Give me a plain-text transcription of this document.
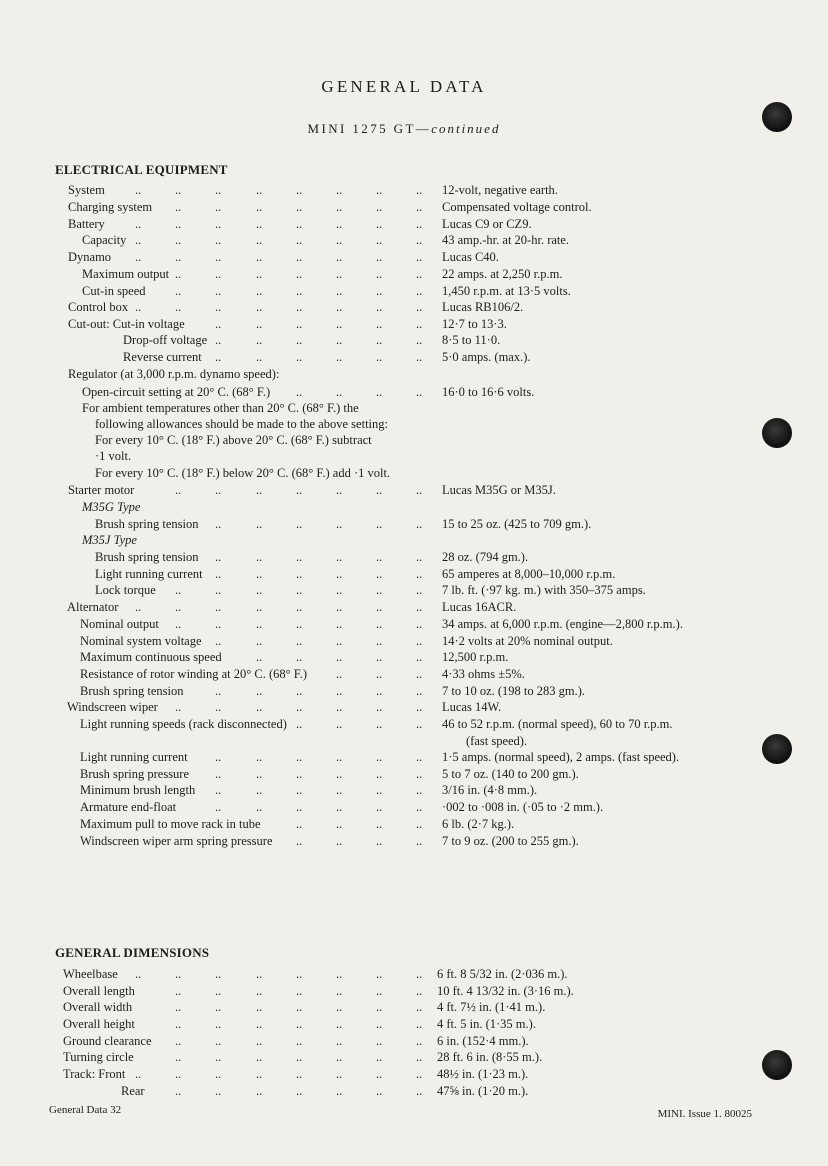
GENERAL DATA
MINI 1275 GT—continued
ELECTRICAL EQUIPMENT
System ..	..	..	..	..	..	..	.. 12-volt, negative earth.
Charging system ..	..	..	..	..	..	.. Compensated voltage control.
Battery ..	..	..	..	..	..	..	.. Lucas C9 or CZ9.
Capacity ..	..	..	..	..	..	..	.. 43 amp.-hr. at 20-hr. rate.
Dynamo ..	..	..	..	..	..	..	.. Lucas C40.
Maximum output ..	..	..	..	..	..	.. 22 amps. at 2,250 r.p.m.
Cut-in speed ..	..	..	..	..	..	.. 1,450 r.p.m. at 13·5 volts.
Control box ..	..	..	..	..	..	..	.. Lucas RB106/2.
Cut-out: Cut-in voltage ..	..	..	..	..	.. 12·7 to 13·3.
Drop-off voltage ..	..	..	..	..	.. 8·5 to 11·0.
Reverse current ..	..	..	..	..	.. 5·0 amps. (max.).
Regulator (at 3,000 r.p.m. dynamo speed):
Open-circuit setting at 20° C. (68° F.) ..	..	..	.. 16·0 to 16·6 volts.
For ambient temperatures other than 20° C. (68° F.) the
following allowances should be made to the above setting:
For every 10° C. (18° F.) above 20° C. (68° F.) subtract
·1 volt.
For every 10° C. (18° F.) below 20° C. (68° F.) add ·1 volt.
Starter motor	..	..	..	..	..	..	.. Lucas M35G or M35J.
M35G Type
Brush spring tension ..	..	..	..	..	.. 15 to 25 oz. (425 to 709 gm.).
M35J Type
Brush spring tension ..	..	..	..	..	.. 28 oz. (794 gm.).
Light running current ..	..	..	..	..	.. 65 amperes at 8,000–10,000 r.p.m.
Lock torque ..	..	..	..	..	..	.. 7 lb. ft. (·97 kg. m.) with 350–375 amps.
Alternator ..	..	..	..	..	..	..	.. Lucas 16ACR.
Nominal output ..	..	..	..	..	..	.. 34 amps. at 6,000 r.p.m. (engine—2,800 r.p.m.).
Nominal system voltage ..	..	..	..	..	.. 14·2 volts at 20% nominal output.
Maximum continuous speed	..	..	..	..	.. 12,500 r.p.m.
Resistance of rotor winding at 20° C. (68° F.) ..	..	.. 4·33 ohms ±5%.
Brush spring tension	..	..	..	..	..	.. 7 to 10 oz. (198 to 283 gm.).
Windscreen wiper ..	..	..	..	..	..	.. Lucas 14W.
Light running speeds (rack disconnected) ..	..	..	.. 46 to 52 r.p.m. (normal speed), 60 to 70 r.p.m.
(fast speed).
Light running current ..	..	..	..	..	.. 1·5 amps. (normal speed), 2 amps. (fast speed).
Brush spring pressure ..	..	..	..	..	.. 5 to 7 oz. (140 to 200 gm.).
Minimum brush length ..	..	..	..	..	.. 3/16 in. (4·8 mm.).
Armature end-float	..	..	..	..	..	.. ·002 to ·008 in. (·05 to ·2 mm.).
Maximum pull to move rack in tube	..	..	..	.. 6 lb. (2·7 kg.).
Windscreen wiper arm spring pressure ..	..	..	.. 7 to 9 oz. (200 to 255 gm.).
GENERAL DIMENSIONS
Wheelbase ..	..	..	..	..	..	..	.. 6 ft. 8 5/32 in. (2·036 m.).
Overall length	..	..	..	..	..	..	.. 10 ft. 4 13/32 in. (3·16 m.).
Overall width	..	..	..	..	..	..	.. 4 ft. 7½ in. (1·41 m.).
Overall height	..	..	..	..	..	..	.. 4 ft. 5 in. (1·35 m.).
Ground clearance ..	..	..	..	..	..	.. 6 in. (152·4 mm.).
Turning circle	..	..	..	..	..	..	.. 28 ft. 6 in. (8·55 m.).
Track: Front ..	..	..	..	..	..	..	.. 48½ in. (1·23 m.).
Rear ..	..	..	..	..	..	.. 47⅝ in. (1·20 m.).
General Data 32	MINI. Issue 1. 80025
